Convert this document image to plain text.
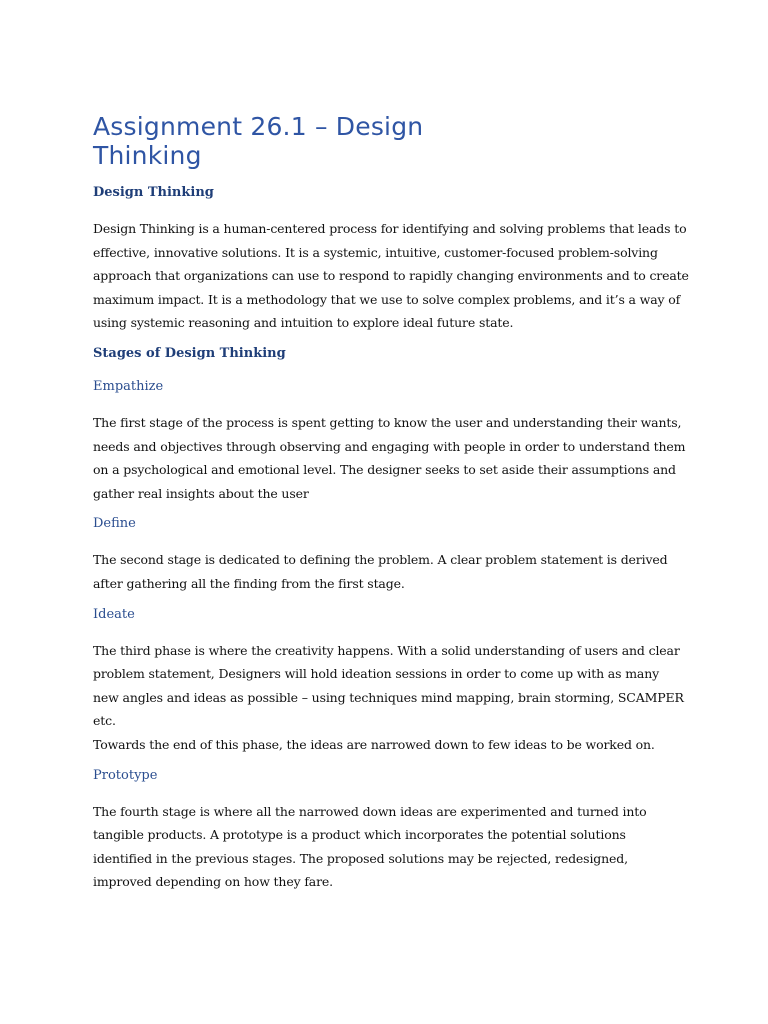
Assignment 26.1 – Design
Thinking
Design Thinking
Design Thinking is a human-centered process for identifying and solving problems that leads to
effective, innovative solutions. It is a systemic, intuitive, customer-focused problem-solving
approach that organizations can use to respond to rapidly changing environments and to create
maximum impact. It is a methodology that we use to solve complex problems, and it’s a way of
using systemic reasoning and intuition to explore ideal future state.
Stages of Design Thinking
Empathize
The first stage of the process is spent getting to know the user and understanding their wants,
needs and objectives through observing and engaging with people in order to understand them
on a psychological and emotional level. The designer seeks to set aside their assumptions and
gather real insights about the user
Define
The second stage is dedicated to defining the problem. A clear problem statement is derived
after gathering all the finding from the first stage.
Ideate
The third phase is where the creativity happens. With a solid understanding of users and clear
problem statement, Designers will hold ideation sessions in order to come up with as many
new angles and ideas as possible – using techniques mind mapping, brain storming, SCAMPER
etc.
Towards the end of this phase, the ideas are narrowed down to few ideas to be worked on.
Prototype
The fourth stage is where all the narrowed down ideas are experimented and turned into
tangible products. A prototype is a product which incorporates the potential solutions
identified in the previous stages. The proposed solutions may be rejected, redesigned,
improved depending on how they fare.
